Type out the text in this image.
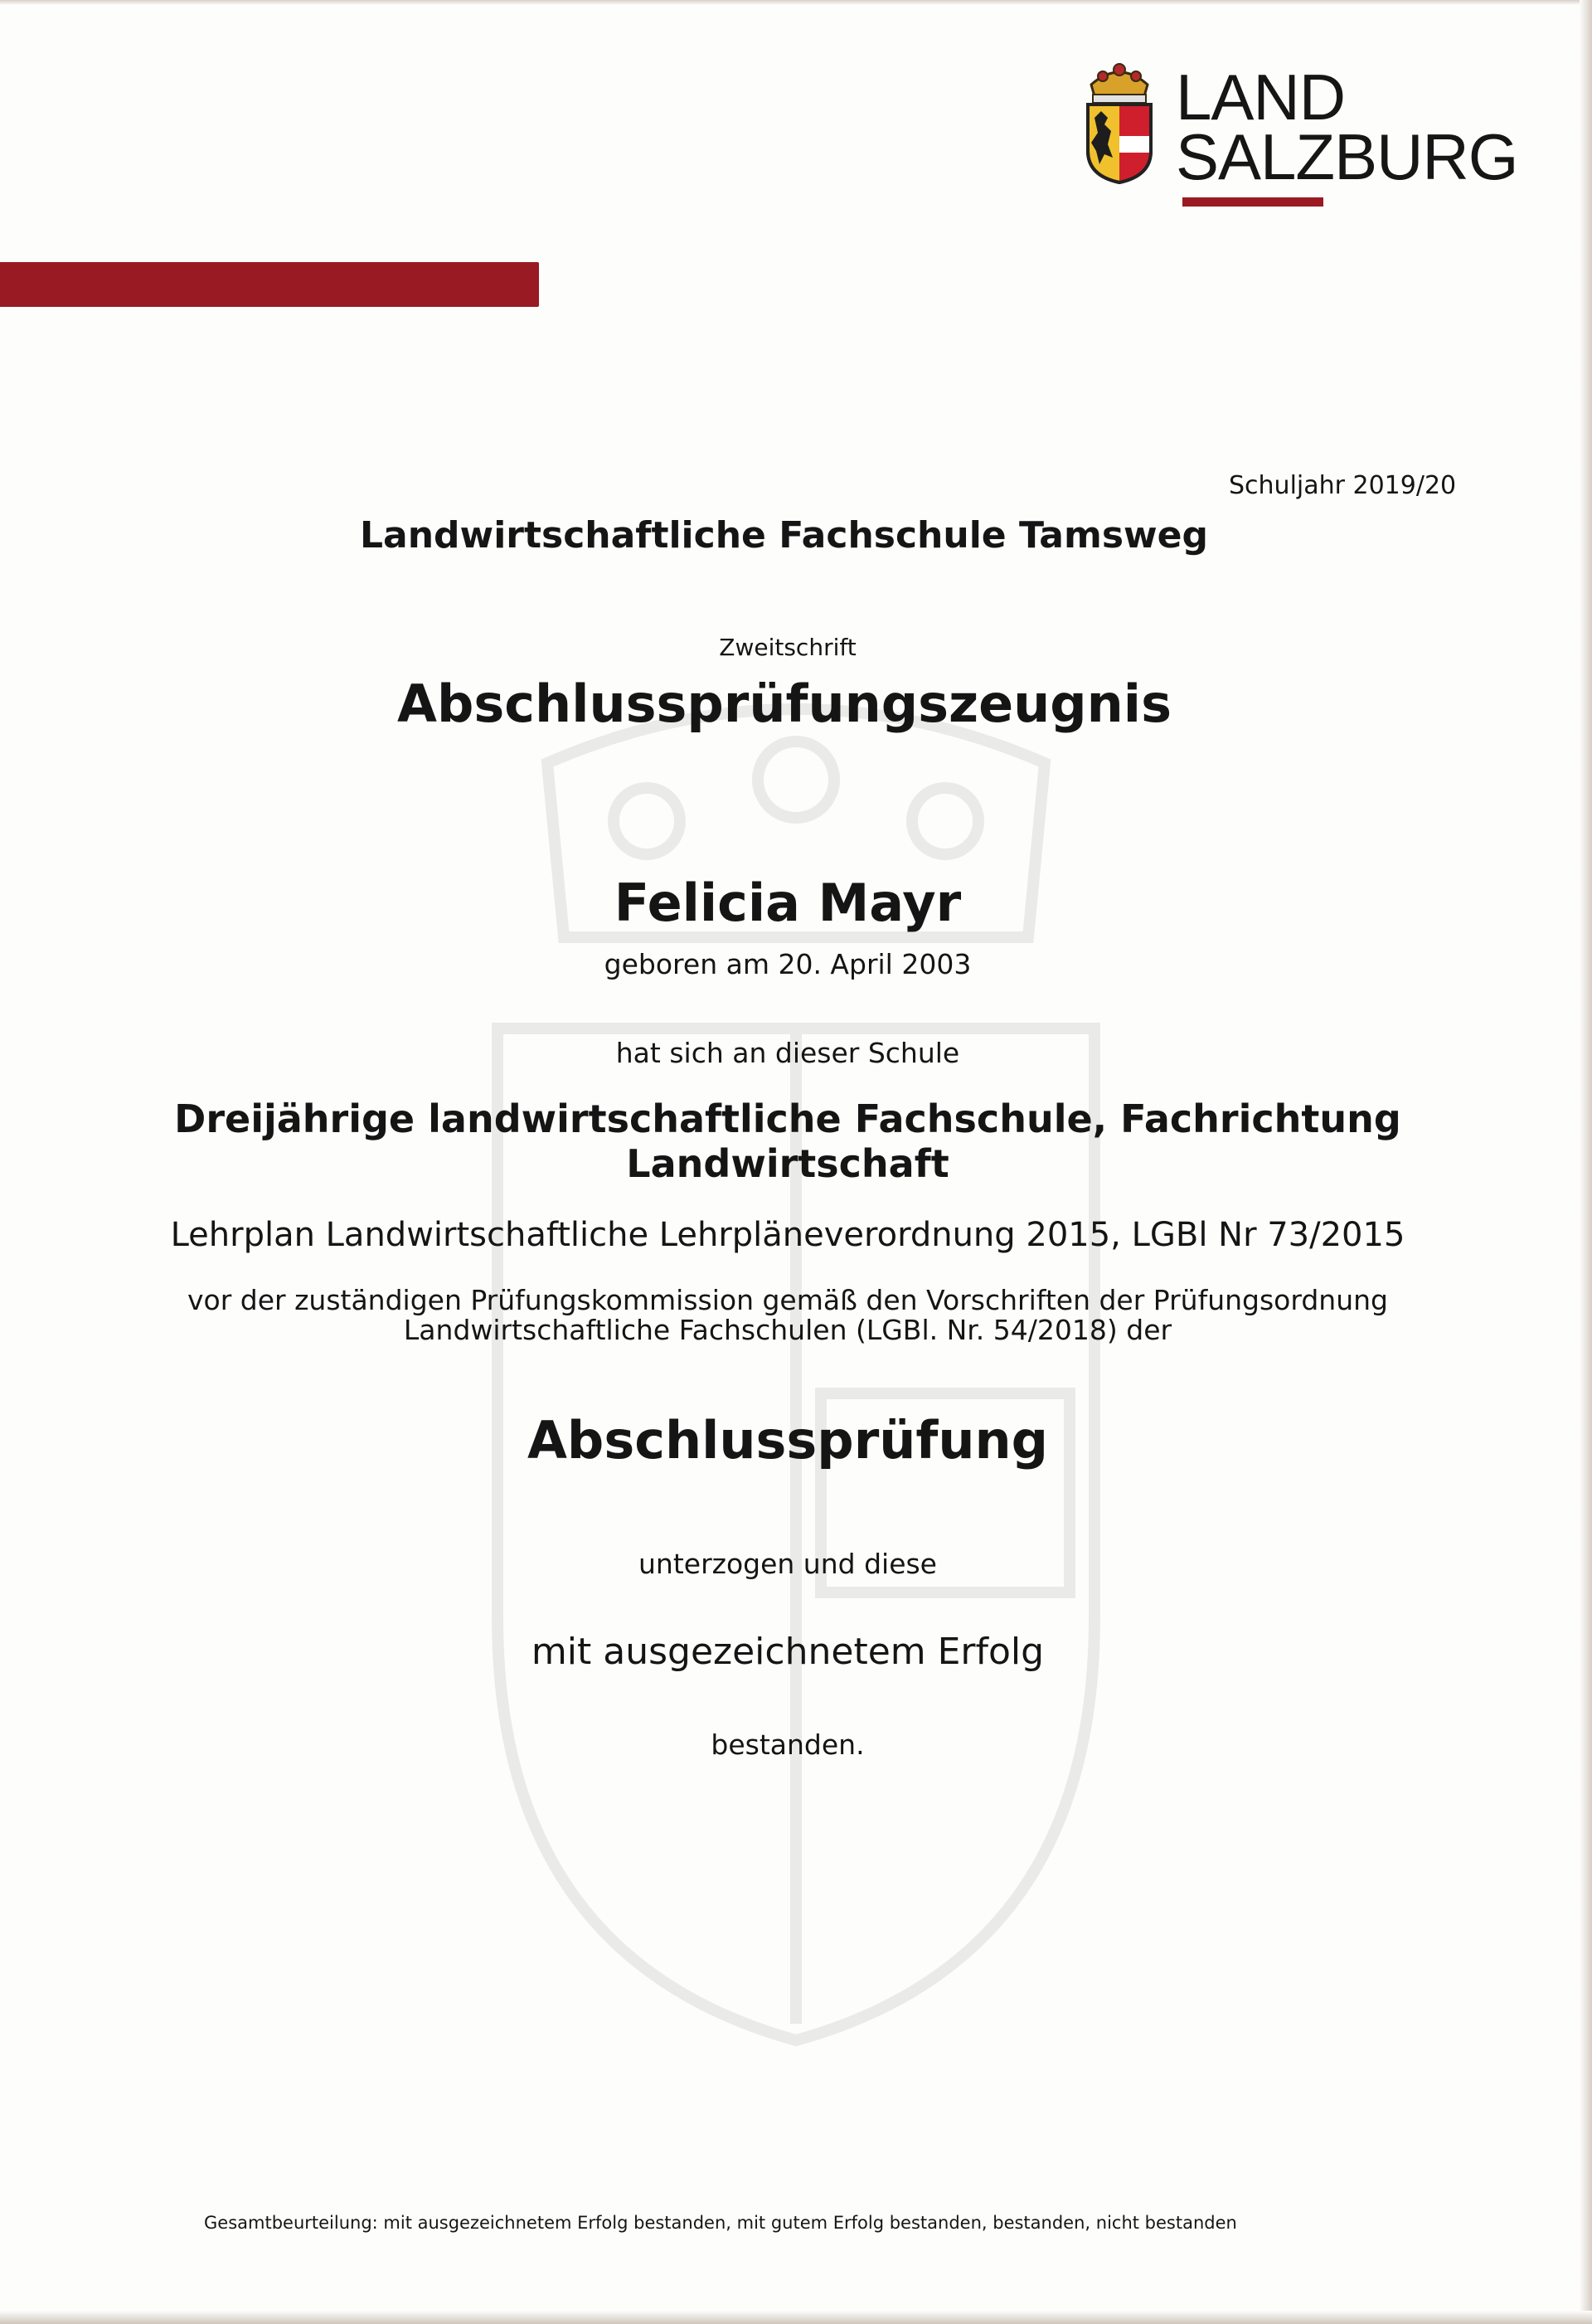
LAND
SALZBURG
Schuljahr 2019/20
Landwirtschaftliche Fachschule Tamsweg
Zweitschrift
Abschlussprüfungszeugnis
Felicia Mayr
geboren am 20. April 2003
hat sich an dieser Schule
Dreijährige landwirtschaftliche Fachschule, Fachrichtung
Landwirtschaft
Lehrplan Landwirtschaftliche Lehrpläneverordnung 2015, LGBl Nr 73/2015
vor der zuständigen Prüfungskommission gemäß den Vorschriften der Prüfungsordnung
Landwirtschaftliche Fachschulen (LGBl. Nr. 54/2018) der
Abschlussprüfung
unterzogen und diese
mit ausgezeichnetem Erfolg
bestanden.
Gesamtbeurteilung: mit ausgezeichnetem Erfolg bestanden, mit gutem Erfolg bestanden, bestanden, nicht bestanden
